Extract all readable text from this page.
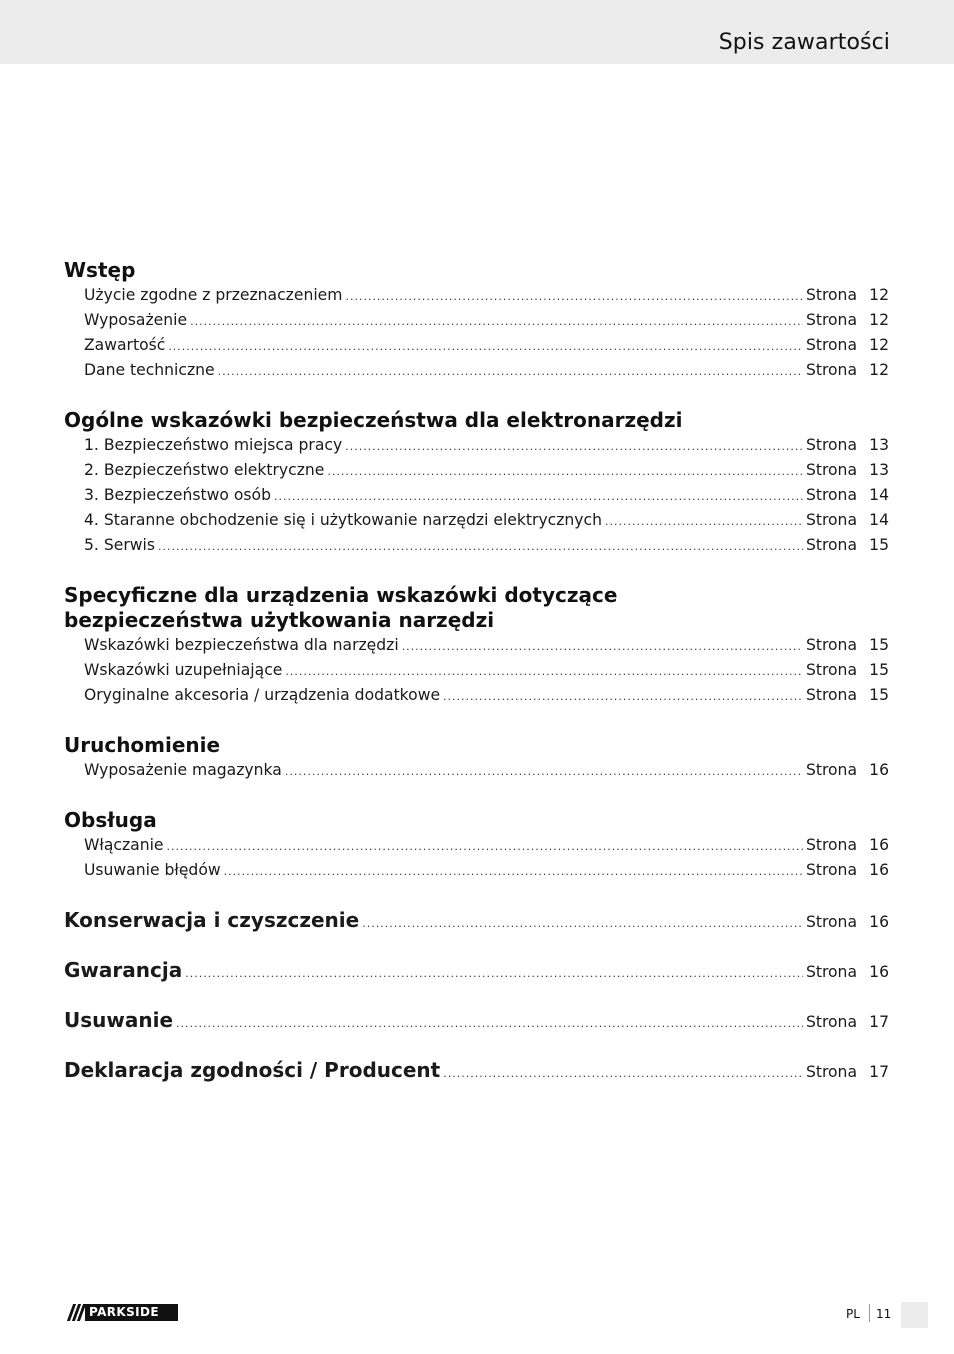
Spis zawartości
Wstęp
Użycie zgodne z przeznaczeniem .....	Strona 12
Wyposażenie .....	Strona 12
Zawartość .....	Strona 12
Dane techniczne .....	Strona 12
Ogólne wskazówki bezpieczeństwa dla elektronarzędzi
1. Bezpieczeństwo miejsca pracy .....	Strona 13
2. Bezpieczeństwo elektryczne .....	Strona 13
3. Bezpieczeństwo osób .....	Strona 14
4. Staranne obchodzenie się i użytkowanie narzędzi elektrycznych .....	Strona 14
5. Serwis .....	Strona 15
Specyficzne dla urządzenia wskazówki dotyczące
bezpieczeństwa użytkowania narzędzi
Wskazówki bezpieczeństwa dla narzędzi .....	Strona 15
Wskazówki uzupełniające .....	Strona 15
Oryginalne akcesoria / urządzenia dodatkowe .....	Strona 15
Uruchomienie
Wyposażenie magazynka .....	Strona 16
Obsługa
Włączanie .....	Strona 16
Usuwanie błędów .....	Strona 16
Konserwacja i czyszczenie .....	Strona 16
Gwarancja .....	Strona 16
Usuwanie .....	Strona 17
Deklaracja zgodności / Producent .....	Strona 17
PARKSIDE	PL 11
